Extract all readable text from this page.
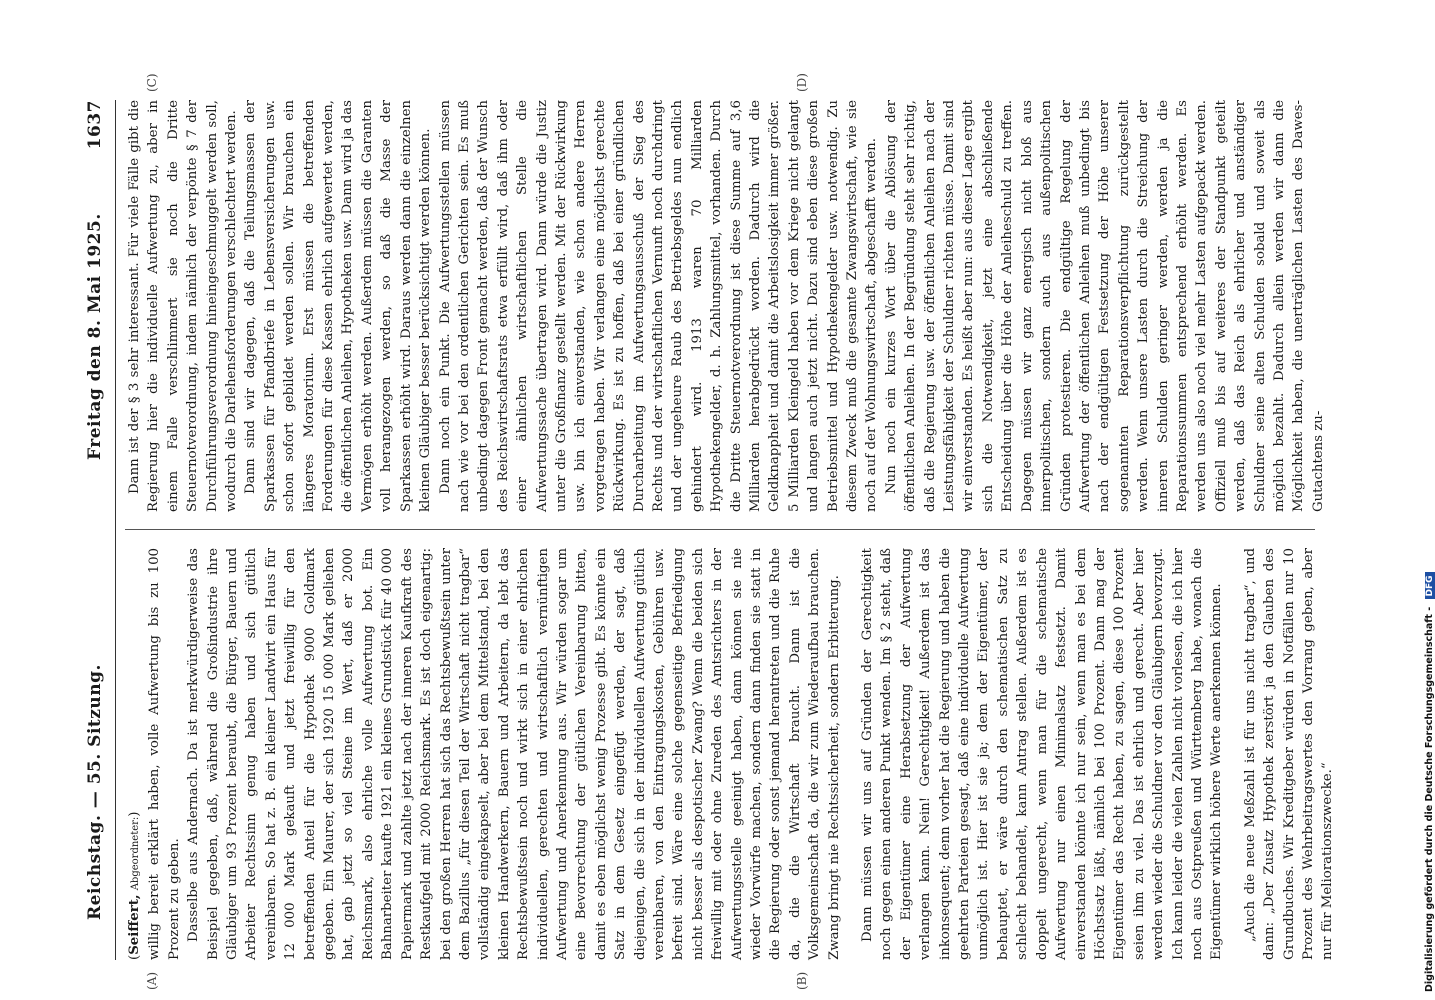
Reichstag. — 55. Sitzung.
Freitag den 8. Mai 1925.
1637

(Seiffert, Abgeordneter:) willig bereit erklärt haben, volle Aufwertung bis zu 100 Prozent zu geben. Dasselbe aus Andernach. Da ist merkwürdigerweise das Beispiel gegeben, daß, während die Großindustrie ihre Gläubiger um 93 Prozent beraubt, die Bürger, Bauern und Arbeiter Rechtssinn genug haben und sich gütlich vereinbaren. So hat z. B. ein kleiner Landwirt ein Haus für 12 000 Mark gekauft und jetzt freiwillig für den betreffenden Anteil für die Hypothek 9000 Goldmark gegeben. Ein Maurer, der sich 1920 15 000 Mark geliehen hat, gab jetzt so viel Steine im Wert, daß er 2000 Reichsmark, also ehrliche volle Aufwertung bot. Ein Bahnarbeiter kaufte 1921 ein kleines Grundstück für 40 000 Papiermark und zahlte jetzt nach der inneren Kaufkraft des Restkaufgeld mit 2000 Reichsmark. Es ist doch eigenartig: bei den großen Herren hat sich das Rechtsbewußtsein unter dem Bazillus „für diesen Teil der Wirtschaft nicht tragbar“ vollständig eingekapselt, aber bei dem Mittelstand, bei den kleinen Handwerkern, Bauern und Arbeitern, da lebt das Rechtsbewußtsein noch und wirkt sich in einer ehrlichen individuellen, gerechten und wirtschaftlich vernünftigen Aufwertung und Anerkennung aus. Wir würden sogar um eine Bevorrechtung der gütlichen Vereinbarung bitten, damit es eben möglichst wenig Prozesse gibt. Es könnte ein Satz in dem Gesetz eingefügt werden, der sagt, daß diejenigen, die sich in der individuellen Aufwertung gütlich vereinbaren, von den Eintragungskosten, Gebühren usw. befreit sind. Wäre eine solche gegenseitige Befriedigung nicht besser als despotischer Zwang? Wenn die beiden sich freiwillig mit oder ohne Zureden des Amtsrichters in der Aufwertungsstelle geeinigt haben, dann können sie nie wieder Vorwürfe machen, sondern dann finden sie statt in die Regierung oder sonst jemand herantreten und die Ruhe da, die die Wirtschaft braucht. Dann ist die Volksgemeinschaft da, die wir zum Wiederaufbau brauchen. Zwang bringt nie Rechtssicherheit, sondern Erbitterung. Dann müssen wir uns auf Gründen der Gerechtigkeit noch gegen einen anderen Punkt wenden. Im § 2 steht, daß der Eigentümer eine Herabsetzung der Aufwertung verlangen kann. Nein! Gerechtigkeit! Außerdem ist das inkonsequent; denn vorher hat die Regierung und haben die geehrten Parteien gesagt, daß eine individuelle Aufwertung unmöglich ist. Hier ist sie ja; dem der Eigentümer, der behauptet, er wäre durch den schematischen Satz zu schlecht behandelt, kann Antrag stellen. Außerdem ist es doppelt ungerecht, wenn man für die schematische Aufwertung nur einen Minimalsatz festsetzt. Damit einverstanden könnte ich nur sein, wenn man es bei dem Höchstsatz läßt, nämlich bei 100 Prozent. Dann mag der Eigentümer das Recht haben, zu sagen, diese 100 Prozent seien ihm zu viel. Das ist ehrlich und gerecht. Aber hier werden wieder die Schuldner vor den Gläubigern bevorzugt. Ich kann leider die vielen Zahlen nicht vorlesen, die ich hier noch aus Ostpreußen und Württemberg habe, wonach die Eigentümer wirklich höhere Werte anerkennen können. „Auch die neue Meßzahl ist für uns nicht tragbar“, und dann: „Der Zusatz Hypothek zerstört ja den Glauben des Grundbuches. Wir Kreditgeber würden in Notfällen nur 10 Prozent des Wehrbeitragswertes den Vorrang geben, aber nur für Meliorationszwecke.“

Dann ist der § 3 sehr interessant. Für viele Fälle gibt die Regierung hier die individuelle Aufwertung zu, aber in einem Falle verschlimmert sie noch die Dritte Steuernotverordnung, indem nämlich der verpönte § 7 der Durchführungsverordnung hineingeschmuggelt werden soll, wodurch die Darlehensforderungen verschlechtert werden. Dann sind wir dagegen, daß die Teilungsmassen der Sparkassen für Pfandbriefe in Lebensversicherungen usw. schon sofort gebildet werden sollen. Wir brauchen ein längeres Moratorium. Erst müssen die betreffenden Forderungen für diese Kassen ehrlich aufgewertet werden, die öffentlichen Anleihen, Hypotheken usw. Dann wird ja das Vermögen erhöht werden. Außerdem müssen die Garanten voll herangezogen werden, so daß die Masse der Sparkassen erhöht wird. Daraus werden dann die einzelnen kleinen Gläubiger besser berücksichtigt werden können. Dann noch ein Punkt. Die Aufwertungsstellen müssen nach wie vor bei den ordentlichen Gerichten sein. Es muß unbedingt dagegen Front gemacht werden, daß der Wunsch des Reichswirtschaftsrats etwa erfüllt wird, daß ihm oder einer ähnlichen wirtschaftlichen Stelle die Aufwertungssache übertragen wird. Dann würde die Justiz unter die Großfinanz gestellt werden. Mit der Rückwirkung usw. bin ich einverstanden, wie schon andere Herren vorgetragen haben. Wir verlangen eine möglichst gerechte Rückwirkung. Es ist zu hoffen, daß bei einer gründlichen Durcharbeitung im Aufwertungsausschuß der Sieg des Rechts und der wirtschaftlichen Vernunft noch durchdringt und der ungeheure Raub des Betriebsgeldes nun endlich gehindert wird. 1913 waren 70 Milliarden Hypothekengelder, d. h. Zahlungsmittel, vorhanden. Durch die Dritte Steuernotverordnung ist diese Summe auf 3,6 Milliarden herabgedrückt worden. Dadurch wird die Geldknappheit und damit die Arbeitslosigkeit immer größer. 5 Milliarden Kleingeld haben vor dem Kriege nicht gelangt und langen auch jetzt nicht. Dazu sind eben diese großen Betriebsmittel und Hypothekengelder usw. notwendig. Zu diesem Zweck muß die gesamte Zwangswirtschaft, wie sie noch auf der Wohnungswirtschaft, abgeschafft werden. Nun noch ein kurzes Wort über die Ablösung der öffentlichen Anleihen. In der Begründung steht sehr richtig, daß die Regierung usw. der öffentlichen Anleihen nach der Leistungsfähigkeit der Schuldner richten müsse. Damit sind wir einverstanden. Es heißt aber nun: aus dieser Lage ergibt sich die Notwendigkeit, jetzt eine abschließende Entscheidung über die Höhe der Anleiheschuld zu treffen. Dagegen müssen wir ganz energisch nicht bloß aus innerpolitischen, sondern auch aus außenpolitischen Gründen protestieren. Die endgültige Regelung der Aufwertung der öffentlichen Anleihen muß unbedingt bis nach der endgültigen Festsetzung der Höhe unserer sogenannten Reparationsverpflichtung zurückgestellt werden. Wenn unsere Lasten durch die Streichung der inneren Schulden geringer werden, werden ja die Reparationssummen entsprechend erhöht werden. Es werden uns also noch viel mehr Lasten aufgepackt werden. Offiziell muß bis auf weiteres der Standpunkt geteilt werden, daß das Reich als ehrlicher und anständiger Schuldner seine alten Schulden sobald und soweit als möglich bezahlt. Dadurch allein werden wir dann die Möglichkeit haben, die unerträglichen Lasten des Dawes-Gutachtens zu-

(A)	(B)
(C)	(D)
Digitalisierung gefördert durch die Deutsche Forschungsgemeinschaft - DFG
